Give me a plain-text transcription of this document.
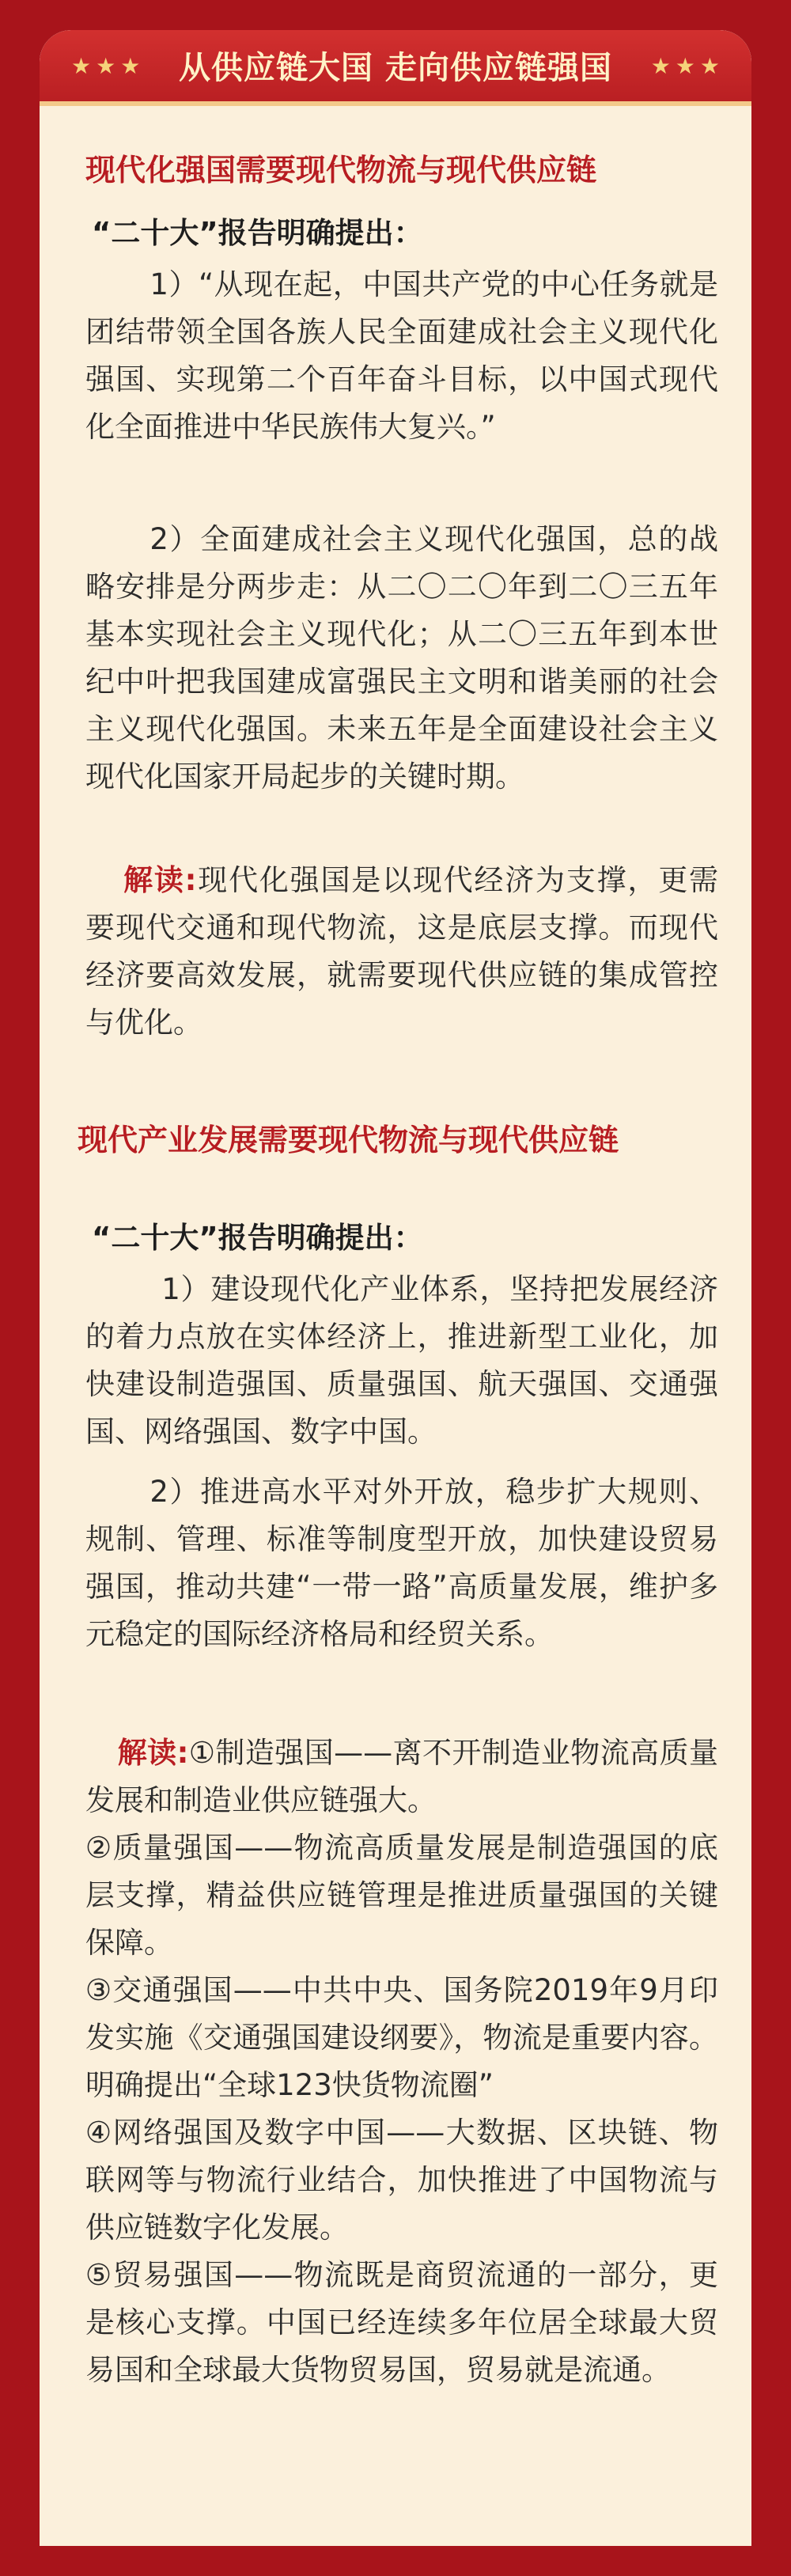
★★★ 从供应链大国 走向供应链强国 ★★★
现代化强国需要现代物流与现代供应链
“二十大”报告明确提出：
1）“从现在起，中国共产党的中心任务就是团结带领全国各族人民全面建成社会主义现代化强国、实现第二个百年奋斗目标，以中国式现代化全面推进中华民族伟大复兴。”
2）全面建成社会主义现代化强国，总的战略安排是分两步走：从二〇二〇年到二〇三五年基本实现社会主义现代化；从二〇三五年到本世纪中叶把我国建成富强民主文明和谐美丽的社会主义现代化强国。未来五年是全面建设社会主义现代化国家开局起步的关键时期。
解读:现代化强国是以现代经济为支撑，更需要现代交通和现代物流，这是底层支撑。而现代经济要高效发展，就需要现代供应链的集成管控与优化。
现代产业发展需要现代物流与现代供应链
“二十大”报告明确提出：
1）建设现代化产业体系，坚持把发展经济的着力点放在实体经济上，推进新型工业化，加快建设制造强国、质量强国、航天强国、交通强国、网络强国、数字中国。
2）推进高水平对外开放，稳步扩大规则、规制、管理、标准等制度型开放，加快建设贸易强国，推动共建“一带一路”高质量发展，维护多元稳定的国际经济格局和经贸关系。
解读:①制造强国——离不开制造业物流高质量发展和制造业供应链强大。
②质量强国——物流高质量发展是制造强国的底层支撑，精益供应链管理是推进质量强国的关键保障。
③交通强国——中共中央、国务院2019年9月印发实施《交通强国建设纲要》，物流是重要内容。明确提出“全球123快货物流圈”
④网络强国及数字中国——大数据、区块链、物联网等与物流行业结合，加快推进了中国物流与供应链数字化发展。
⑤贸易强国——物流既是商贸流通的一部分，更是核心支撑。中国已经连续多年位居全球最大贸易国和全球最大货物贸易国，贸易就是流通。
